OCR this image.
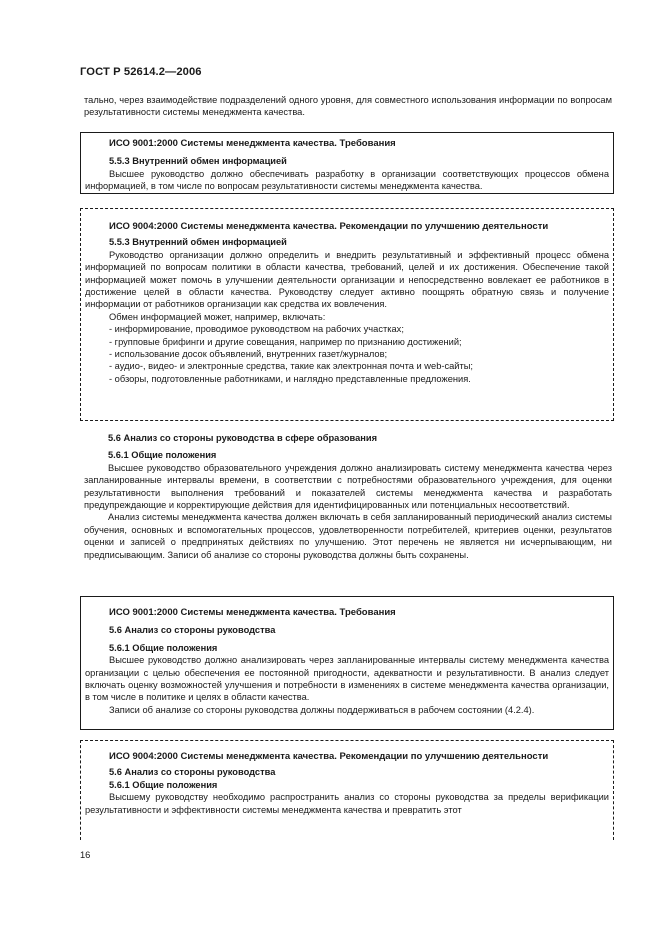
ГОСТ Р 52614.2—2006

тально, через взаимодействие подразделений одного уровня, для совместного использования информации по вопросам результативности системы менеджмента качества.

ИСО 9001:2000 Системы менеджмента качества. Требования

5.5.3 Внутренний обмен информацией

Высшее руководство должно обеспечивать разработку в организации соответствующих процессов обмена информацией, в том числе по вопросам результативности системы менеджмента качества.

ИСО 9004:2000 Системы менеджмента качества. Рекомендации по улучшению деятельности

5.5.3 Внутренний обмен информацией

Руководство организации должно определить и внедрить результативный и эффективный процесс обмена информацией по вопросам политики в области качества, требований, целей и их достижения. Обеспечение такой информацией может помочь в улучшении деятельности организации и непосредственно вовлекает ее работников в достижение целей в области качества. Руководству следует активно поощрять обратную связь и получение информации от работников организации как средства их вовлечения.

Обмен информацией может, например, включать:

- информирование, проводимое руководством на рабочих участках;

- групповые брифинги и другие совещания, например по признанию достижений;

- использование досок объявлений, внутренних газет/журналов;

- аудио-, видео- и электронные средства, такие как электронная почта и web-сайты;

- обзоры, подготовленные работниками, и наглядно представленные предложения.

5.6 Анализ со стороны руководства в сфере образования

5.6.1 Общие положения

Высшее руководство образовательного учреждения должно анализировать систему менеджмента качества через запланированные интервалы времени, в соответствии с потребностями образовательного учреждения, для оценки результативности выполнения требований и показателей системы менеджмента качества и разработать предупреждающие и корректирующие действия для идентифицированных или потенциальных несоответствий.

Анализ системы менеджмента качества должен включать в себя запланированный периодический анализ системы обучения, основных и вспомогательных процессов, удовлетворенности потребителей, критериев оценки, результатов оценки и записей о предпринятых действиях по улучшению. Этот перечень не является ни исчерпывающим, ни предписывающим. Записи об анализе со стороны руководства должны быть сохранены.

ИСО 9001:2000 Системы менеджмента качества. Требования

5.6 Анализ со стороны руководства

5.6.1 Общие положения

Высшее руководство должно анализировать через запланированные интервалы систему менеджмента качества организации с целью обеспечения ее постоянной пригодности, адекватности и результативности. В анализ следует включать оценку возможностей улучшения и потребности в изменениях в системе менеджмента качества организации, в том числе в политике и целях в области качества.

Записи об анализе со стороны руководства должны поддерживаться в рабочем состоянии (4.2.4).

ИСО 9004:2000 Системы менеджмента качества. Рекомендации по улучшению деятельности

5.6 Анализ со стороны руководства

5.6.1 Общие положения

Высшему руководству необходимо распространить анализ со стороны руководства за пределы верификации результативности и эффективности системы менеджмента качества и превратить этот

16
